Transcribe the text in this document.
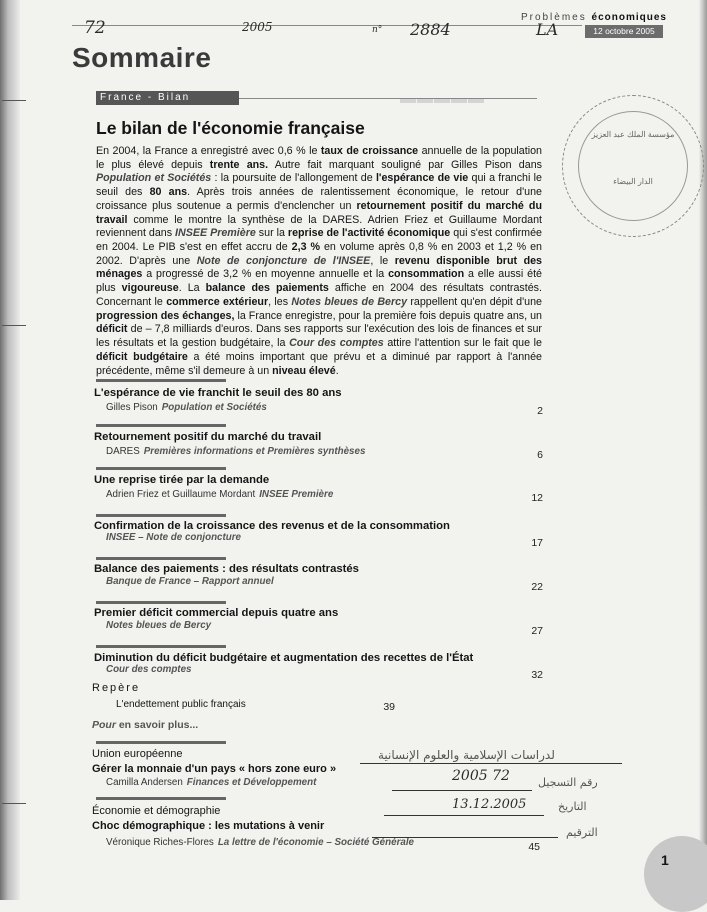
Problèmes économiques
12 octobre 2005
72	2005	n° 2884	LA
Sommaire
▬▬▬▬▬
مؤسسة الملك عبد العزيز
الدار البيضاء
France - Bilan
Le bilan de l'économie française
En 2004, la France a enregistré avec 0,6 % le taux de croissance annuelle de la population le plus élevé depuis trente ans. Autre fait marquant souligné par Gilles Pison dans Population et Sociétés : la poursuite de l'allongement de l'espérance de vie qui a franchi le seuil des 80 ans. Après trois années de ralentissement économique, le retour d'une croissance plus soutenue a permis d'enclencher un retournement positif du marché du travail comme le montre la synthèse de la DARES. Adrien Friez et Guillaume Mordant reviennent dans INSEE Première sur la reprise de l'activité économique qui s'est confirmée en 2004. Le PIB s'est en effet accru de 2,3 % en volume après 0,8 % en 2003 et 1,2 % en 2002. D'après une Note de conjoncture de l'INSEE, le revenu disponible brut des ménages a progressé de 3,2 % en moyenne annuelle et la consommation a elle aussi été plus vigoureuse. La balance des paiements affiche en 2004 des résultats contrastés. Concernant le commerce extérieur, les Notes bleues de Bercy rappellent qu'en dépit d'une progression des échanges, la France enregistre, pour la première fois depuis quatre ans, un déficit de – 7,8 milliards d'euros. Dans ses rapports sur l'exécution des lois de finances et sur les résultats et la gestion budgétaire, la Cour des comptes attire l'attention sur le fait que le déficit budgétaire a été moins important que prévu et a diminué par rapport à l'année précédente, même s'il demeure à un niveau élevé.
L'espérance de vie franchit le seuil des 80 ans
Gilles Pison Population et Sociétés	2
Retournement positif du marché du travail
DARES Premières informations et Premières synthèses	6
Une reprise tirée par la demande
Adrien Friez et Guillaume Mordant INSEE Première	12
Confirmation de la croissance des revenus et de la consommation
INSEE – Note de conjoncture	17
Balance des paiements : des résultats contrastés
Banque de France – Rapport annuel	22
Premier déficit commercial depuis quatre ans
Notes bleues de Bercy	27
Diminution du déficit budgétaire et augmentation des recettes de l'État
Cour des comptes	32
Repère
L'endettement public français	39
Pour en savoir plus...
Union européenne
Gérer la monnaie d'un pays « hors zone euro »
Camilla Andersen Finances et Développement
Économie et démographie
Choc démographique : les mutations à venir
Véronique Riches-Flores La lettre de l'économie – Société Générale	45
لدراسات الإسلامية والعلوم الإنسانية
رقم التسجيل
2005 72
التاريخ
13.12.2005
الترقيم
1
